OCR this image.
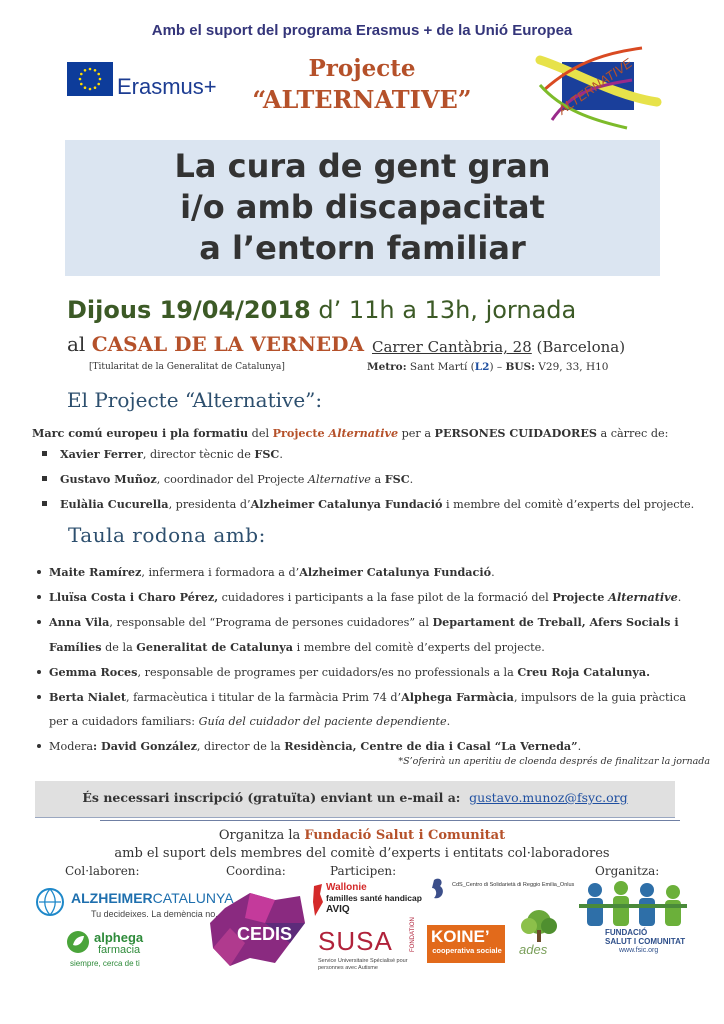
Amb el suport del programa Erasmus + de la Unió Europea
Erasmus+
Projecte
“ALTERNATIVE”	ALTERNATIVE
La cura de gent gran
i/o amb discapacitat
a l’entorn familiar
Dijous 19/04/2018 d’ 11h a 13h, jornada
al CASAL DE LA VERNEDA
[Titularitat de la Generalitat de Catalunya]
Carrer Cantàbria, 28 (Barcelona)
Metro: Sant Martí (L2) – BUS: V29, 33, H10
El Projecte “Alternative”:
Marc comú europeu i pla formatiu del Projecte Alternative per a PERSONES CUIDADORES a càrrec de:
Xavier Ferrer, director tècnic de FSC.
Gustavo Muñoz, coordinador del Projecte Alternative a FSC.
Eulàlia Cucurella, presidenta d’Alzheimer Catalunya Fundació i membre del comitè d’experts del projecte.
Taula rodona amb:
Maite Ramírez, infermera i formadora a d’Alzheimer Catalunya Fundació.
Lluïsa Costa i Charo Pérez, cuidadores i participants a la fase pilot de la formació del Projecte Alternative.
Anna Vila, responsable del “Programa de persones cuidadores” al Departament de Treball, Afers Socials i
Famílies de la Generalitat de Catalunya i membre del comitè d’experts del projecte.
Gemma Roces, responsable de programes per cuidadors/es no professionals a la Creu Roja Catalunya.
Berta Nialet, farmacèutica i titular de la farmàcia Prim 74 d’Alphega Farmàcia, impulsors de la guia pràctica
per a cuidadors familiars: Guía del cuidador del paciente dependiente.
Modera: David González, director de la Residència, Centre de dia i Casal “La Verneda”.
*S’oferirà un aperitiu de cloenda després de finalitzar la jornada
És necessari inscripció (gratuïta) enviant un e-mail a: gustavo.munoz@fsyc.org
Organitza la Fundació Salut i Comunitat
amb el suport dels membres del comitè d’experts i entitats col·laboradores
Col·laboren:	Coordina:	Participen:	Organitza:
ALZHEIMERCATALUNYA
Tu decideixes. La demència no.
alphega
farmacia
siempre, cerca de ti
CEDIS
Wallonie
familles santé handicap
AVIQ
SUSA	FONDATION
Service Universitaire Spécialisé pour personnes avec Autisme
CdS_Centro di Solidarietà di Reggio Emilia_Onlus
KOINE’
cooperativa sociale ades
FUNDACIÓ
SALUT I COMUNITAT
www.fsic.org
